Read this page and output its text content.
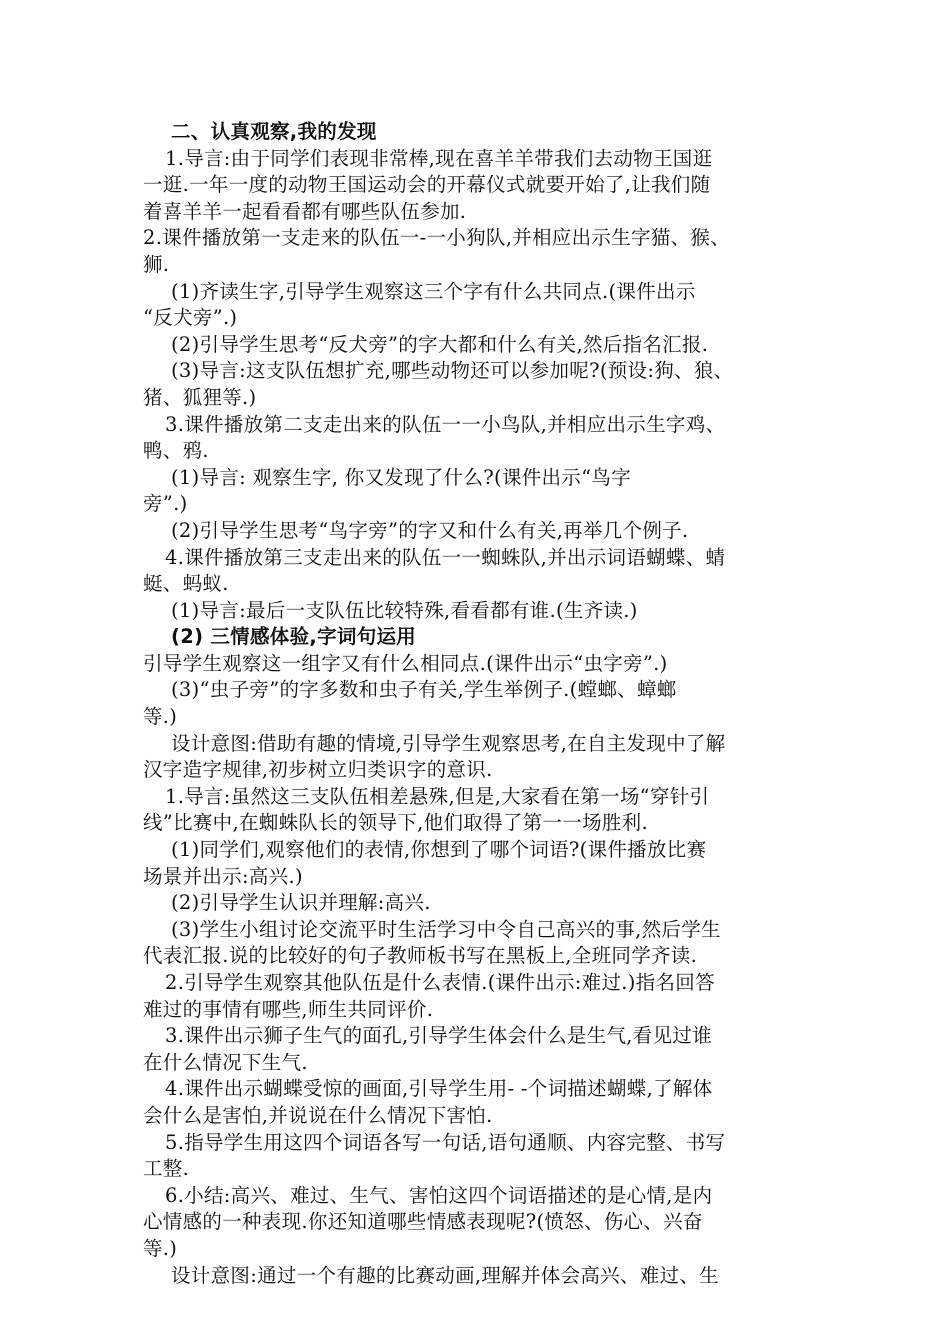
二、认真观察,我的发现
1.导言:由于同学们表现非常棒,现在喜羊羊带我们去动物王国逛
一逛.一年一度的动物王国运动会的开幕仪式就要开始了,让我们随
着喜羊羊一起看看都有哪些队伍参加.
2.课件播放第一支走来的队伍一-一小狗队,并相应出示生字猫、猴、
狮.
(1)齐读生字,引导学生观察这三个字有什么共同点.(课件出示
“反犬旁”.)
(2)引导学生思考“反犬旁”的字大都和什么有关,然后指名汇报.
(3)导言:这支队伍想扩充,哪些动物还可以参加呢?(预设:狗、狼、
猪、狐狸等.)
3.课件播放第二支走出来的队伍一一小鸟队,并相应出示生字鸡、
鸭、鸦.
(1)导言: 观察生字, 你又发现了什么?(课件出示“鸟字
旁”.)
(2)引导学生思考“鸟字旁”的字又和什么有关,再举几个例子.
4.课件播放第三支走出来的队伍一一蜘蛛队,并出示词语蝴蝶、蜻
蜓、蚂蚁.
(1)导言:最后一支队伍比较特殊,看看都有谁.(生齐读.)
(2) 三情感体验,字词句运用
引导学生观察这一组字又有什么相同点.(课件出示“虫字旁”.)
(3)“虫子旁”的字多数和虫子有关,学生举例子.(螳螂、蟑螂
等.)
设计意图:借助有趣的情境,引导学生观察思考,在自主发现中了解
汉字造字规律,初步树立归类识字的意识.
1.导言:虽然这三支队伍相差悬殊,但是,大家看在第一场“穿针引
线”比赛中,在蜘蛛队长的领导下,他们取得了第一一场胜利.
(1)同学们,观察他们的表情,你想到了哪个词语?(课件播放比赛
场景并出示:高兴.)
(2)引导学生认识并理解:高兴.
(3)学生小组讨论交流平时生活学习中令自己高兴的事,然后学生
代表汇报.说的比较好的句子教师板书写在黑板上,全班同学齐读.
2.引导学生观察其他队伍是什么表情.(课件出示:难过.)指名回答
难过的事情有哪些,师生共同评价.
3.课件出示狮子生气的面孔,引导学生体会什么是生气,看见过谁
在什么情况下生气.
4.课件出示蝴蝶受惊的画面,引导学生用- -个词描述蝴蝶,了解体
会什么是害怕,并说说在什么情况下害怕.
5.指导学生用这四个词语各写一句话,语句通顺、内容完整、书写
工整.
6.小结:高兴、难过、生气、害怕这四个词语描述的是心情,是内
心情感的一种表现.你还知道哪些情感表现呢?(愤怒、伤心、兴奋
等.)
设计意图:通过一个有趣的比赛动画,理解并体会高兴、难过、生
